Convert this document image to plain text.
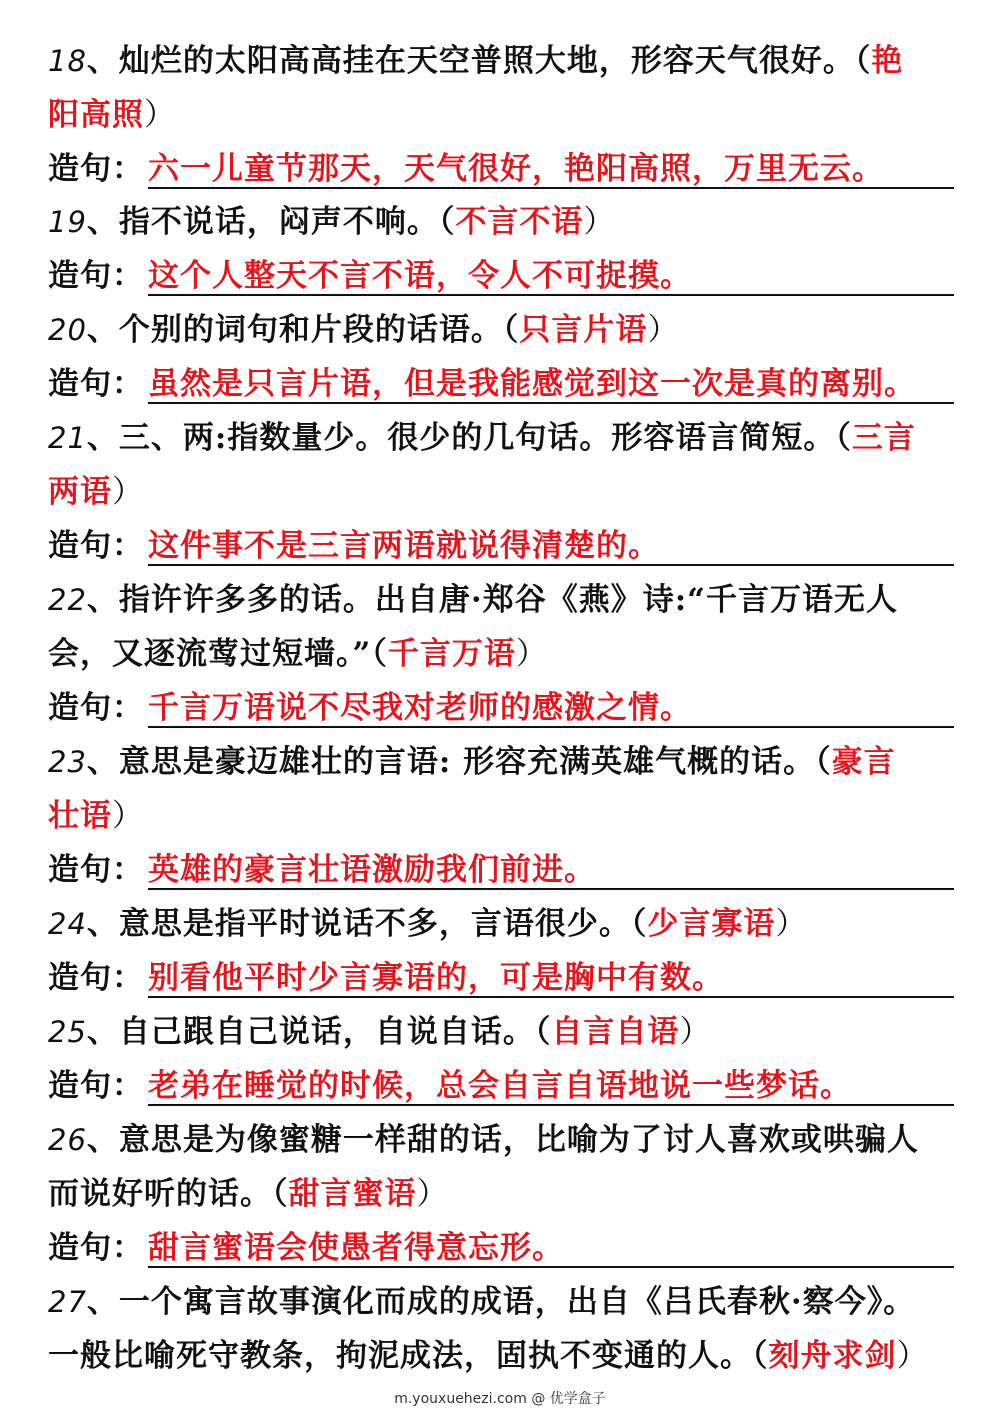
18、灿烂的太阳高高挂在天空普照大地，形容天气很好。（艳
阳高照）
造句： 六一儿童节那天，天气很好，艳阳高照，万里无云。
19、指不说话，闷声不响。（不言不语）
造句： 这个人整天不言不语，令人不可捉摸。
20、个别的词句和片段的话语。（只言片语）
造句： 虽然是只言片语，但是我能感觉到这一次是真的离别。
21、三、两:指数量少。很少的几句话。形容语言简短。（三言
两语）
造句： 这件事不是三言两语就说得清楚的。
22、指许许多多的话。出自唐·郑谷《燕》诗:“千言万语无人
会，又逐流莺过短墙。”（千言万语）
造句： 千言万语说不尽我对老师的感激之情。
23、意思是豪迈雄壮的言语: 形容充满英雄气概的话。（豪言
壮语）
造句： 英雄的豪言壮语激励我们前进。
24、意思是指平时说话不多，言语很少。（少言寡语）
造句： 别看他平时少言寡语的，可是胸中有数。
25、自己跟自己说话，自说自话。（自言自语）
造句： 老弟在睡觉的时候，总会自言自语地说一些梦话。
26、意思是为像蜜糖一样甜的话，比喻为了讨人喜欢或哄骗人
而说好听的话。（甜言蜜语）
造句： 甜言蜜语会使愚者得意忘形。
27、一个寓言故事演化而成的成语，出自《吕氏春秋·察今》。
一般比喻死守教条，拘泥成法，固执不变通的人。（刻舟求剑）
m.youxuehezi.com @ 优学盒子
